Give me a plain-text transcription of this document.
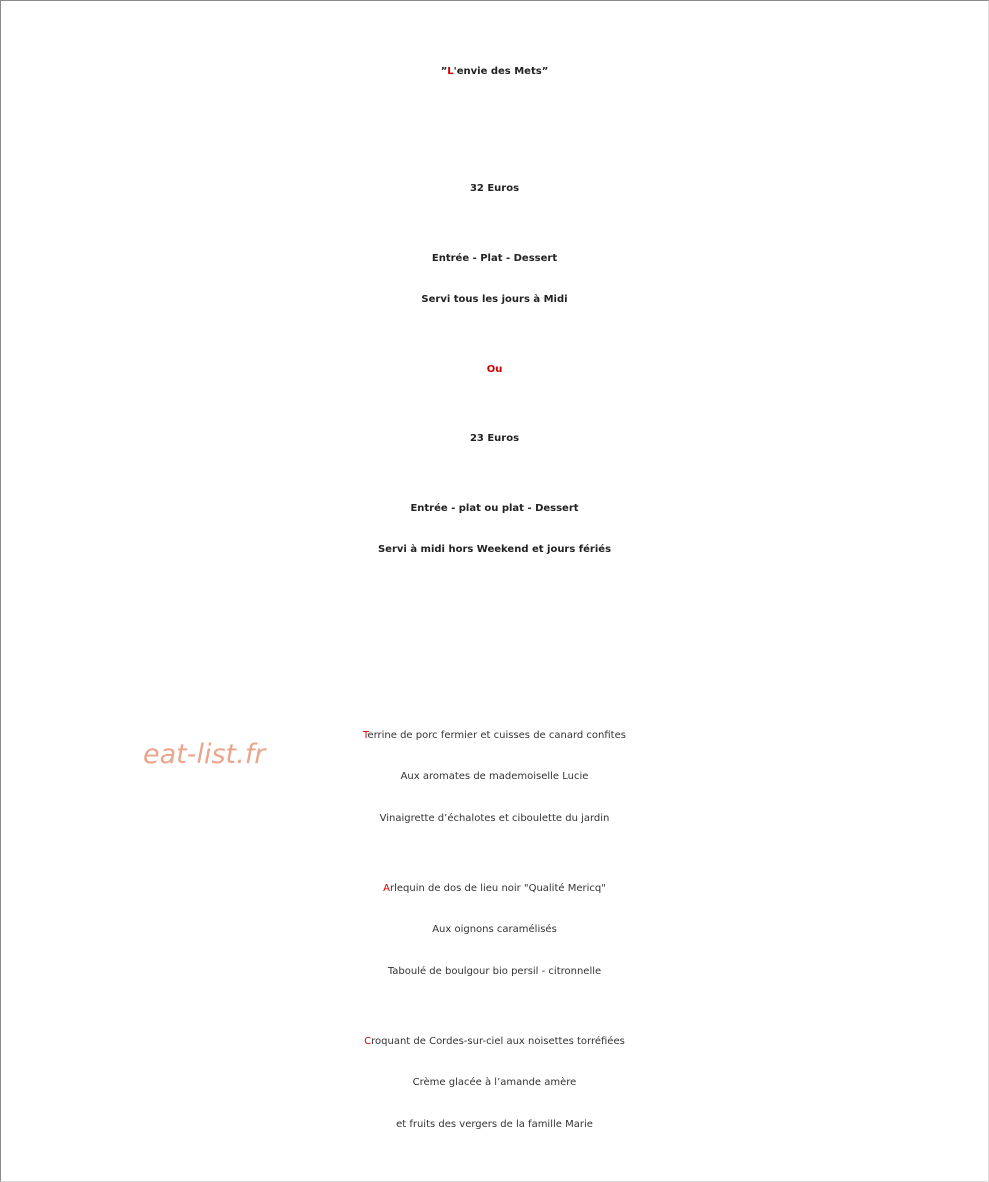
”L'envie des Mets”
32 Euros
Entrée - Plat - Dessert
Servi tous les jours à Midi
Ou
23 Euros
Entrée - plat ou plat - Dessert
Servi à midi hors Weekend et jours fériés
Terrine de porc fermier et cuisses de canard confites
Aux aromates de mademoiselle Lucie
Vinaigrette d’échalotes et ciboulette du jardin
Arlequin de dos de lieu noir "Qualité Mericq"
Aux oignons caramélisés
Taboulé de boulgour bio persil - citronnelle
Croquant de Cordes-sur-ciel aux noisettes torréfiées
Crème glacée à l’amande amère
et fruits des vergers de la famille Marie
eat-list.fr
